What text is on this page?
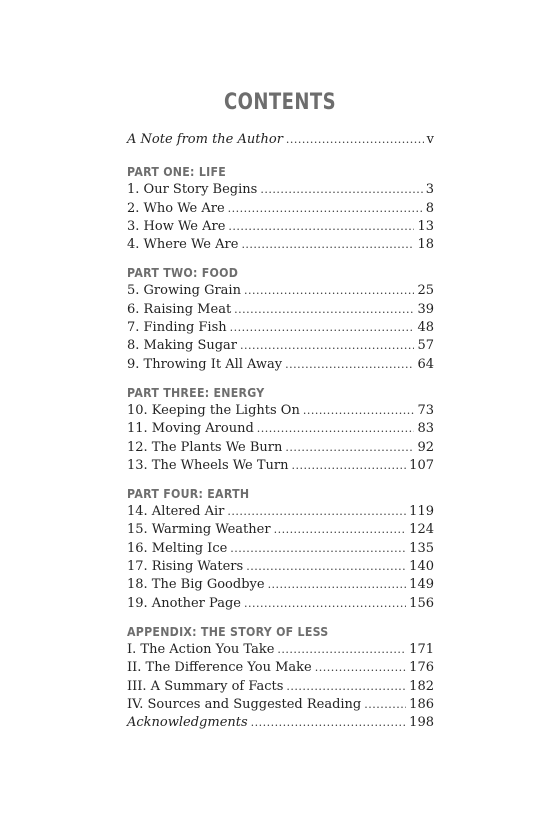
CONTENTS
A Note from the Author .....	v
PART ONE: LIFE
1. Our Story Begins .....	3
2. Who We Are .....	8
3. How We Are .....	13
4. Where We Are .....	18
PART TWO: FOOD
5. Growing Grain .....	25
6. Raising Meat .....	39
7. Finding Fish .....	48
8. Making Sugar .....	57
9. Throwing It All Away .....	64
PART THREE: ENERGY
10. Keeping the Lights On .....	73
11. Moving Around .....	83
12. The Plants We Burn .....	92
13. The Wheels We Turn .....	107
PART FOUR: EARTH
14. Altered Air .....	119
15. Warming Weather .....	124
16. Melting Ice .....	135
17. Rising Waters .....	140
18. The Big Goodbye .....	149
19. Another Page .....	156
APPENDIX: THE STORY OF LESS
I. The Action You Take .....	171
II. The Difference You Make .....	176
III. A Summary of Facts .....	182
IV. Sources and Suggested Reading .....	186
Acknowledgments .....	198
